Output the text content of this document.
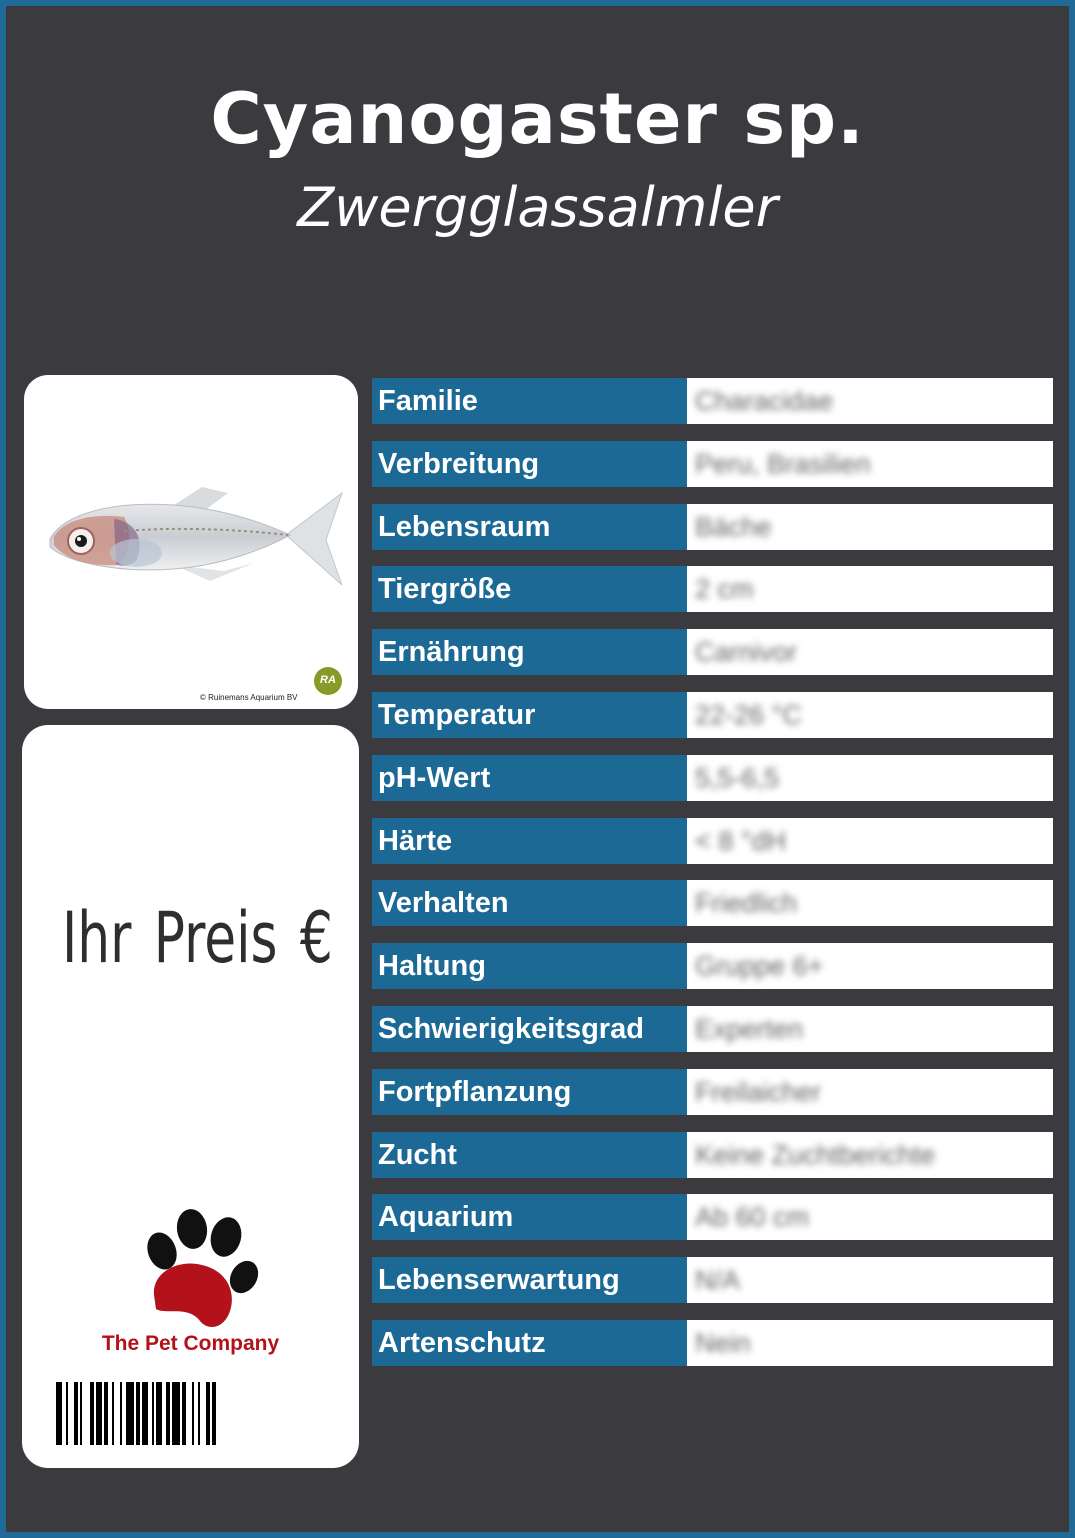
Cyanogaster sp.
Zwergglassalmler
© Ruinemans Aquarium BV
RA
Ihr Preis €
The Pet Company
Familie	Characidae
Verbreitung	Peru, Brasilien
Lebensraum	Bäche
Tiergröße	2 cm
Ernährung	Carnivor
Temperatur	22-26 °C
pH-Wert	5,5-6,5
Härte	< 8 °dH
Verhalten	Friedlich
Haltung	Gruppe 6+
Schwierigkeitsgrad	Experten
Fortpflanzung	Freilaicher
Zucht	Keine Zuchtberichte
Aquarium	Ab 60 cm
Lebenserwartung	N/A
Artenschutz	Nein
